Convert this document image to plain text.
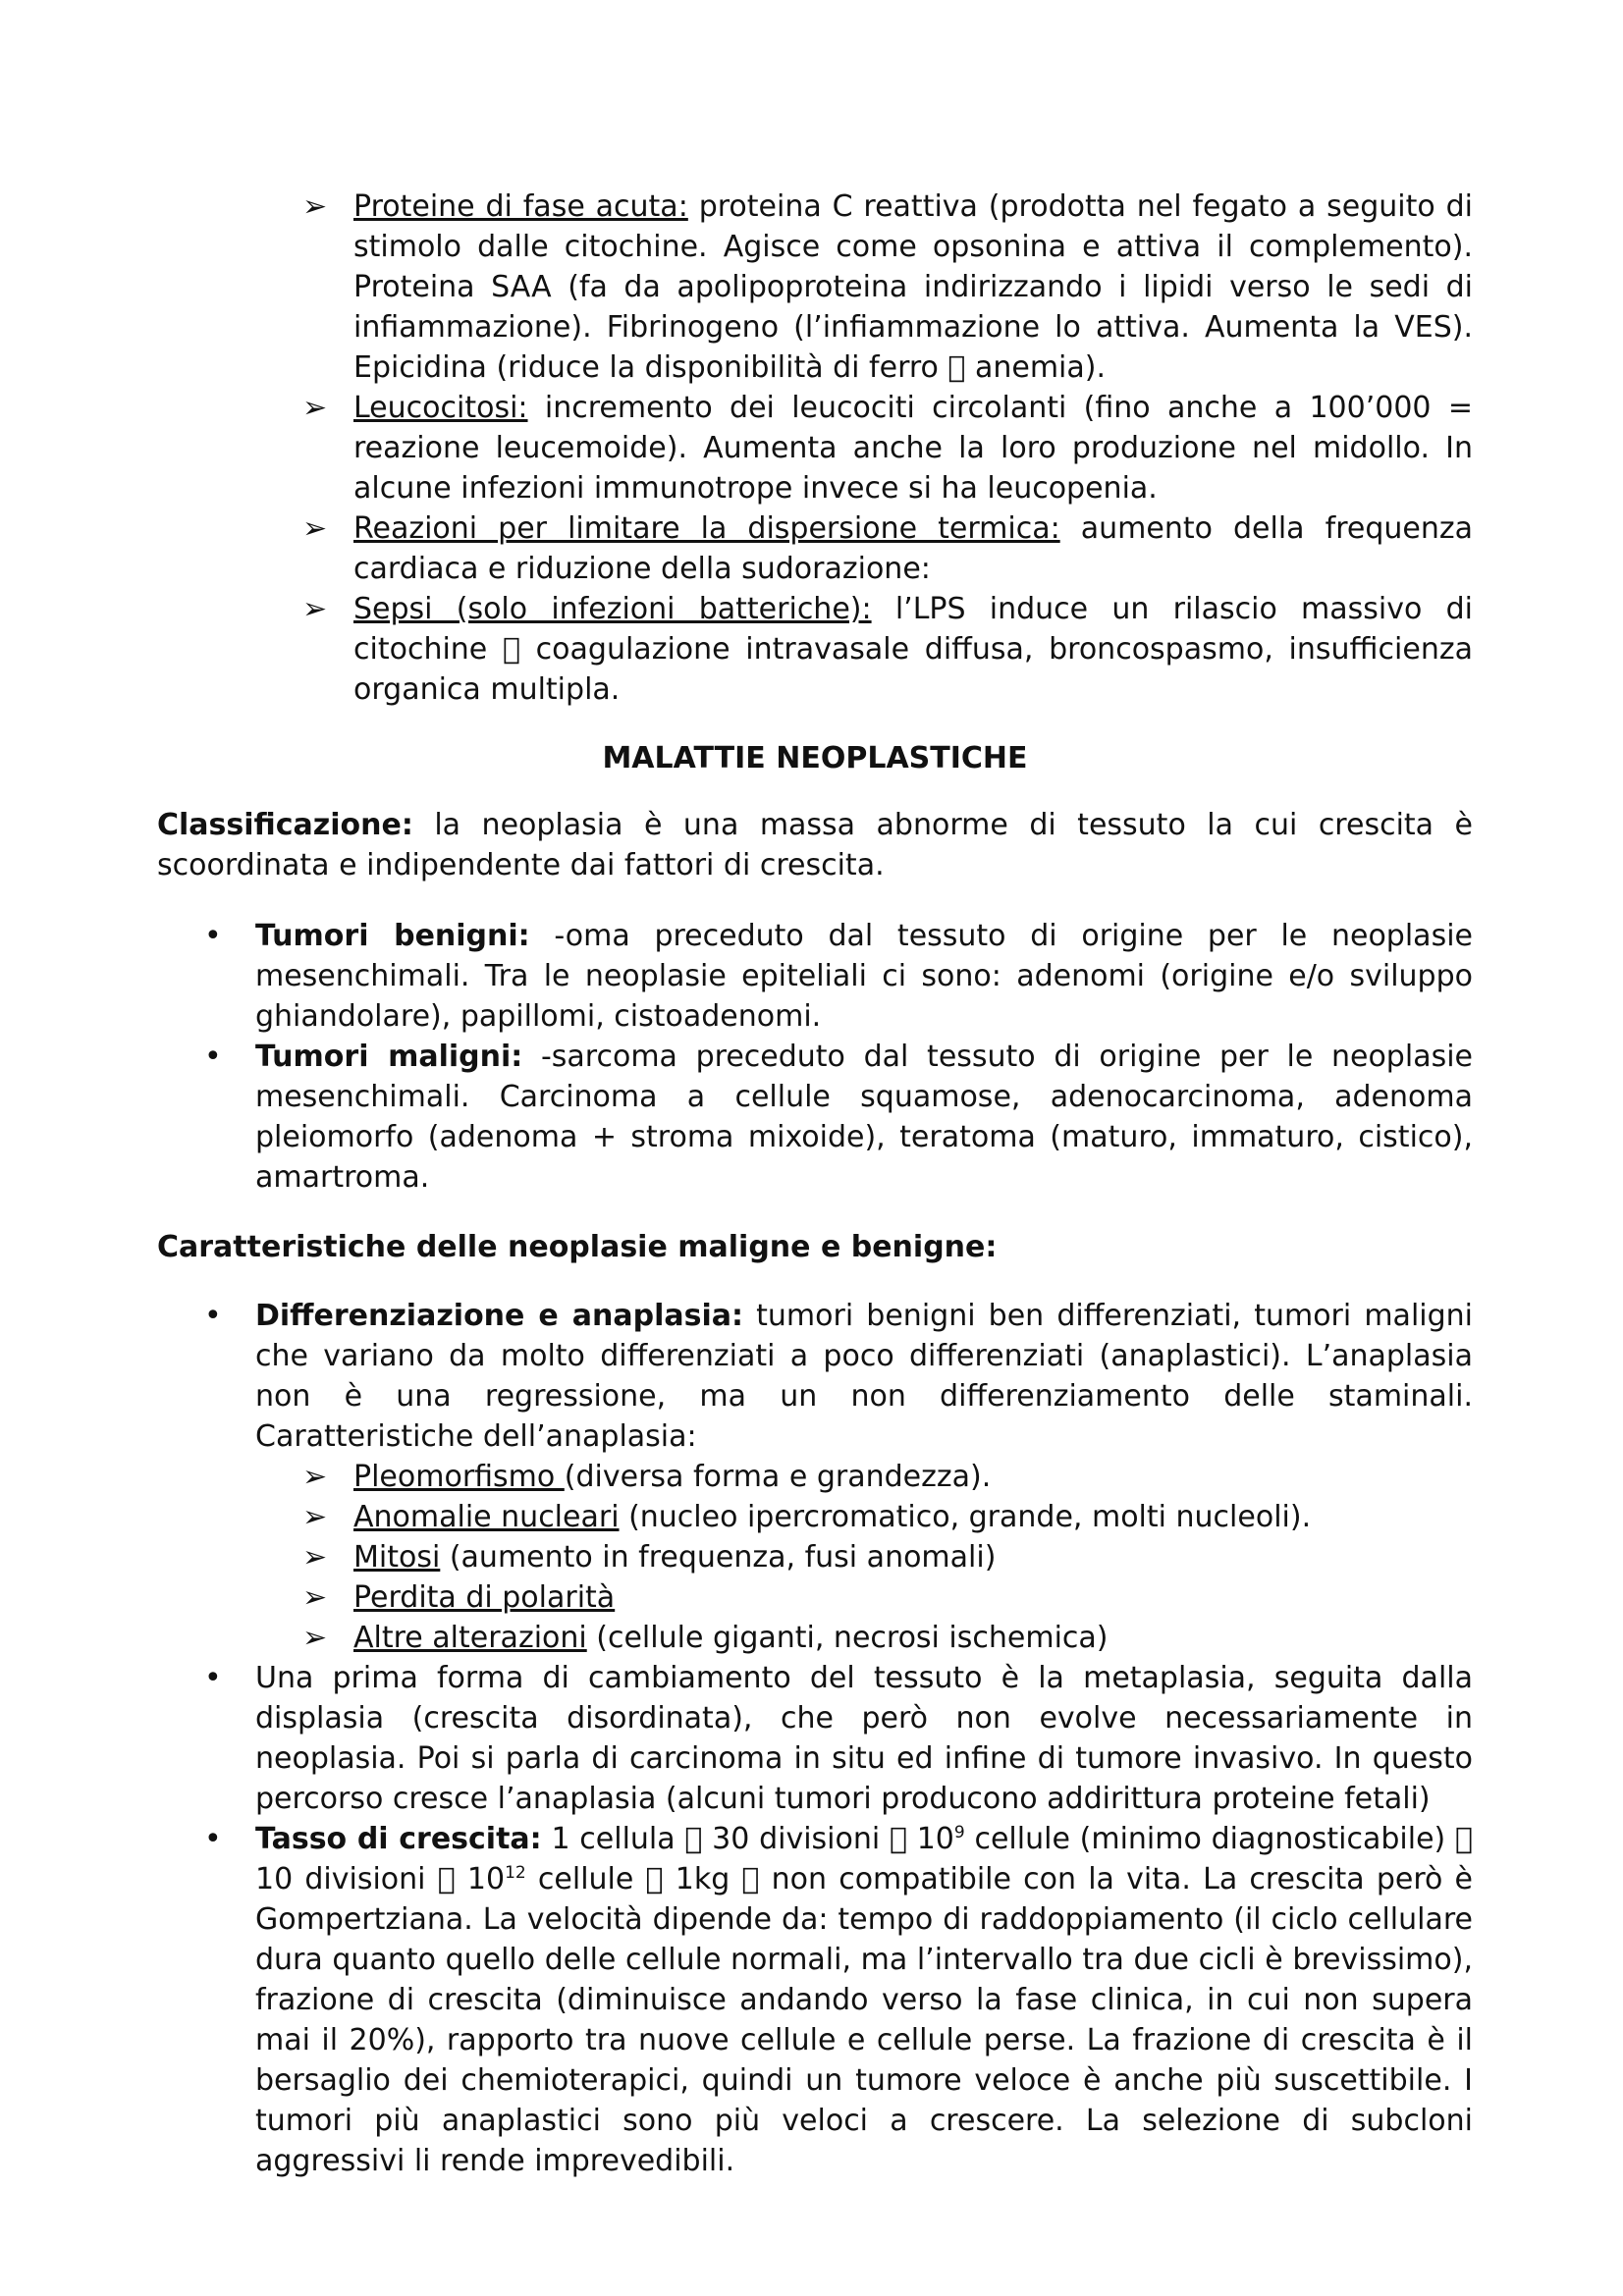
➢ Proteine di fase acuta: proteina C reattiva (prodotta nel fegato a seguito di stimolo dalle citochine. Agisce come opsonina e attiva il complemento). Proteina SAA (fa da apolipoproteina indirizzando i lipidi verso le sedi di infiammazione). Fibrinogeno (l’infiammazione lo attiva. Aumenta la VES). Epicidina (riduce la disponibilità di ferro anemia).
➢ Leucocitosi: incremento dei leucociti circolanti (fino anche a 100’000 = reazione leucemoide). Aumenta anche la loro produzione nel midollo. In alcune infezioni immunotrope invece si ha leucopenia.
➢ Reazioni per limitare la dispersione termica: aumento della frequenza cardiaca e riduzione della sudorazione:
➢ Sepsi (solo infezioni batteriche): l’LPS induce un rilascio massivo di citochine coagulazione intravasale diffusa, broncospasmo, insufficienza organica multipla.
MALATTIE NEOPLASTICHE

Classificazione: la neoplasia è una massa abnorme di tessuto la cui crescita è scoordinata e indipendente dai fattori di crescita.

• Tumori benigni: -oma preceduto dal tessuto di origine per le neoplasie mesenchimali. Tra le neoplasie epiteliali ci sono: adenomi (origine e/o sviluppo ghiandolare), papillomi, cistoadenomi.
• Tumori maligni: -sarcoma preceduto dal tessuto di origine per le neoplasie mesenchimali. Carcinoma a cellule squamose, adenocarcinoma, adenoma pleiomorfo (adenoma + stroma mixoide), teratoma (maturo, immaturo, cistico), amartroma.

Caratteristiche delle neoplasie maligne e benigne:

• Differenziazione e anaplasia: tumori benigni ben differenziati, tumori maligni che variano da molto differenziati a poco differenziati (anaplastici). L’anaplasia non è una regressione, ma un non differenziamento delle staminali. Caratteristiche dell’anaplasia:
➢ Pleomorfismo (diversa forma e grandezza).
➢ Anomalie nucleari (nucleo ipercromatico, grande, molti nucleoli).
➢ Mitosi (aumento in frequenza, fusi anomali)
➢ Perdita di polarità
➢ Altre alterazioni (cellule giganti, necrosi ischemica)
• Una prima forma di cambiamento del tessuto è la metaplasia, seguita dalla displasia (crescita disordinata), che però non evolve necessariamente in neoplasia. Poi si parla di carcinoma in situ ed infine di tumore invasivo. In questo percorso cresce l’anaplasia (alcuni tumori producono addirittura proteine fetali)
• Tasso di crescita: 1 cellula 30 divisioni $10^9$ cellule (minimo diagnosticabile) 10 divisioni $10^{12}$ cellule 1kg non compatibile con la vita. La crescita però è Gompertziana. La velocità dipende da: tempo di raddoppiamento (il ciclo cellulare dura quanto quello delle cellule normali, ma l’intervallo tra due cicli è brevissimo), frazione di crescita (diminuisce andando verso la fase clinica, in cui non supera mai il 20%), rapporto tra nuove cellule e cellule perse. La frazione di crescita è il bersaglio dei chemioterapici, quindi un tumore veloce è anche più suscettibile. I tumori più anaplastici sono più veloci a crescere. La selezione di subcloni aggressivi li rende imprevedibili.
